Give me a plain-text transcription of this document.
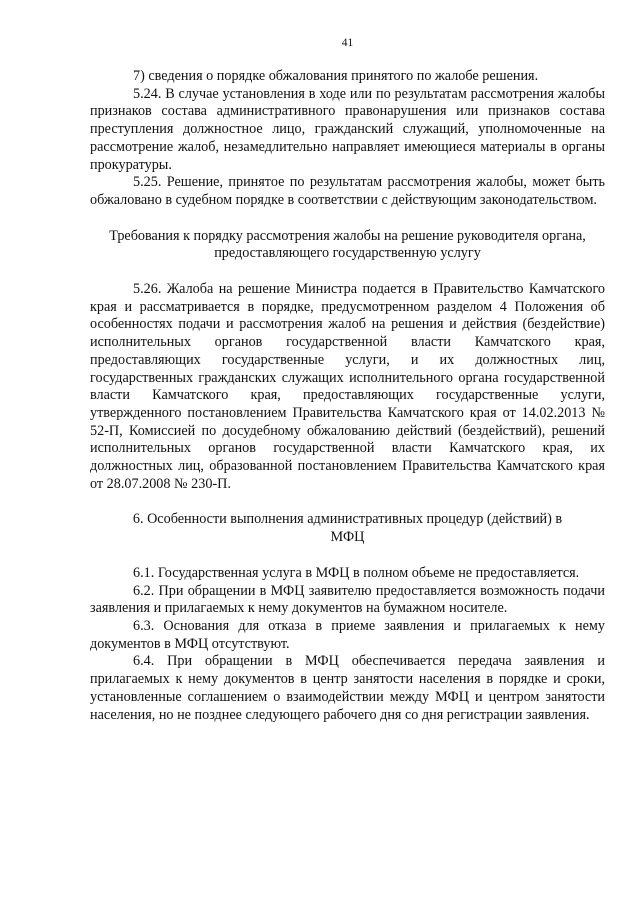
41

7) сведения о порядке обжалования принятого по жалобе решения.

5.24. В случае установления в ходе или по результатам рассмотрения жалобы признаков состава административного правонарушения или признаков состава преступления должностное лицо, гражданский служащий, уполномоченные на рассмотрение жалоб, незамедлительно направляет имеющиеся материалы в органы прокуратуры.

5.25. Решение, принятое по результатам рассмотрения жалобы, может быть обжаловано в судебном порядке в соответствии с действующим законодательством.

Требования к порядку рассмотрения жалобы на решение руководителя органа,

предоставляющего государственную услугу

5.26. Жалоба на решение Министра подается в Правительство Камчатского края и рассматривается в порядке, предусмотренном разделом 4 Положения об особенностях подачи и рассмотрения жалоб на решения и действия (бездействие) исполнительных органов государственной власти Камчатского края, предоставляющих государственные услуги, и их должностных лиц, государственных гражданских служащих исполнительного органа государственной власти Камчатского края, предоставляющих государственные услуги, утвержденного постановлением Правительства Камчатского края от 14.02.2013 № 52-П, Комиссией по досудебному обжалованию действий (бездействий), решений исполнительных органов государственной власти Камчатского края, их должностных лиц, образованной постановлением Правительства Камчатского края от 28.07.2008 № 230-П.

6. Особенности выполнения административных процедур (действий) в

МФЦ

6.1. Государственная услуга в МФЦ в полном объеме не предоставляется.

6.2. При обращении в МФЦ заявителю предоставляется возможность подачи заявления и прилагаемых к нему документов на бумажном носителе.

6.3. Основания для отказа в приеме заявления и прилагаемых к нему документов в МФЦ отсутствуют.

6.4. При обращении в МФЦ обеспечивается передача заявления и прилагаемых к нему документов в центр занятости населения в порядке и сроки, установленные соглашением о взаимодействии между МФЦ и центром занятости населения, но не позднее следующего рабочего дня со дня регистрации заявления.
